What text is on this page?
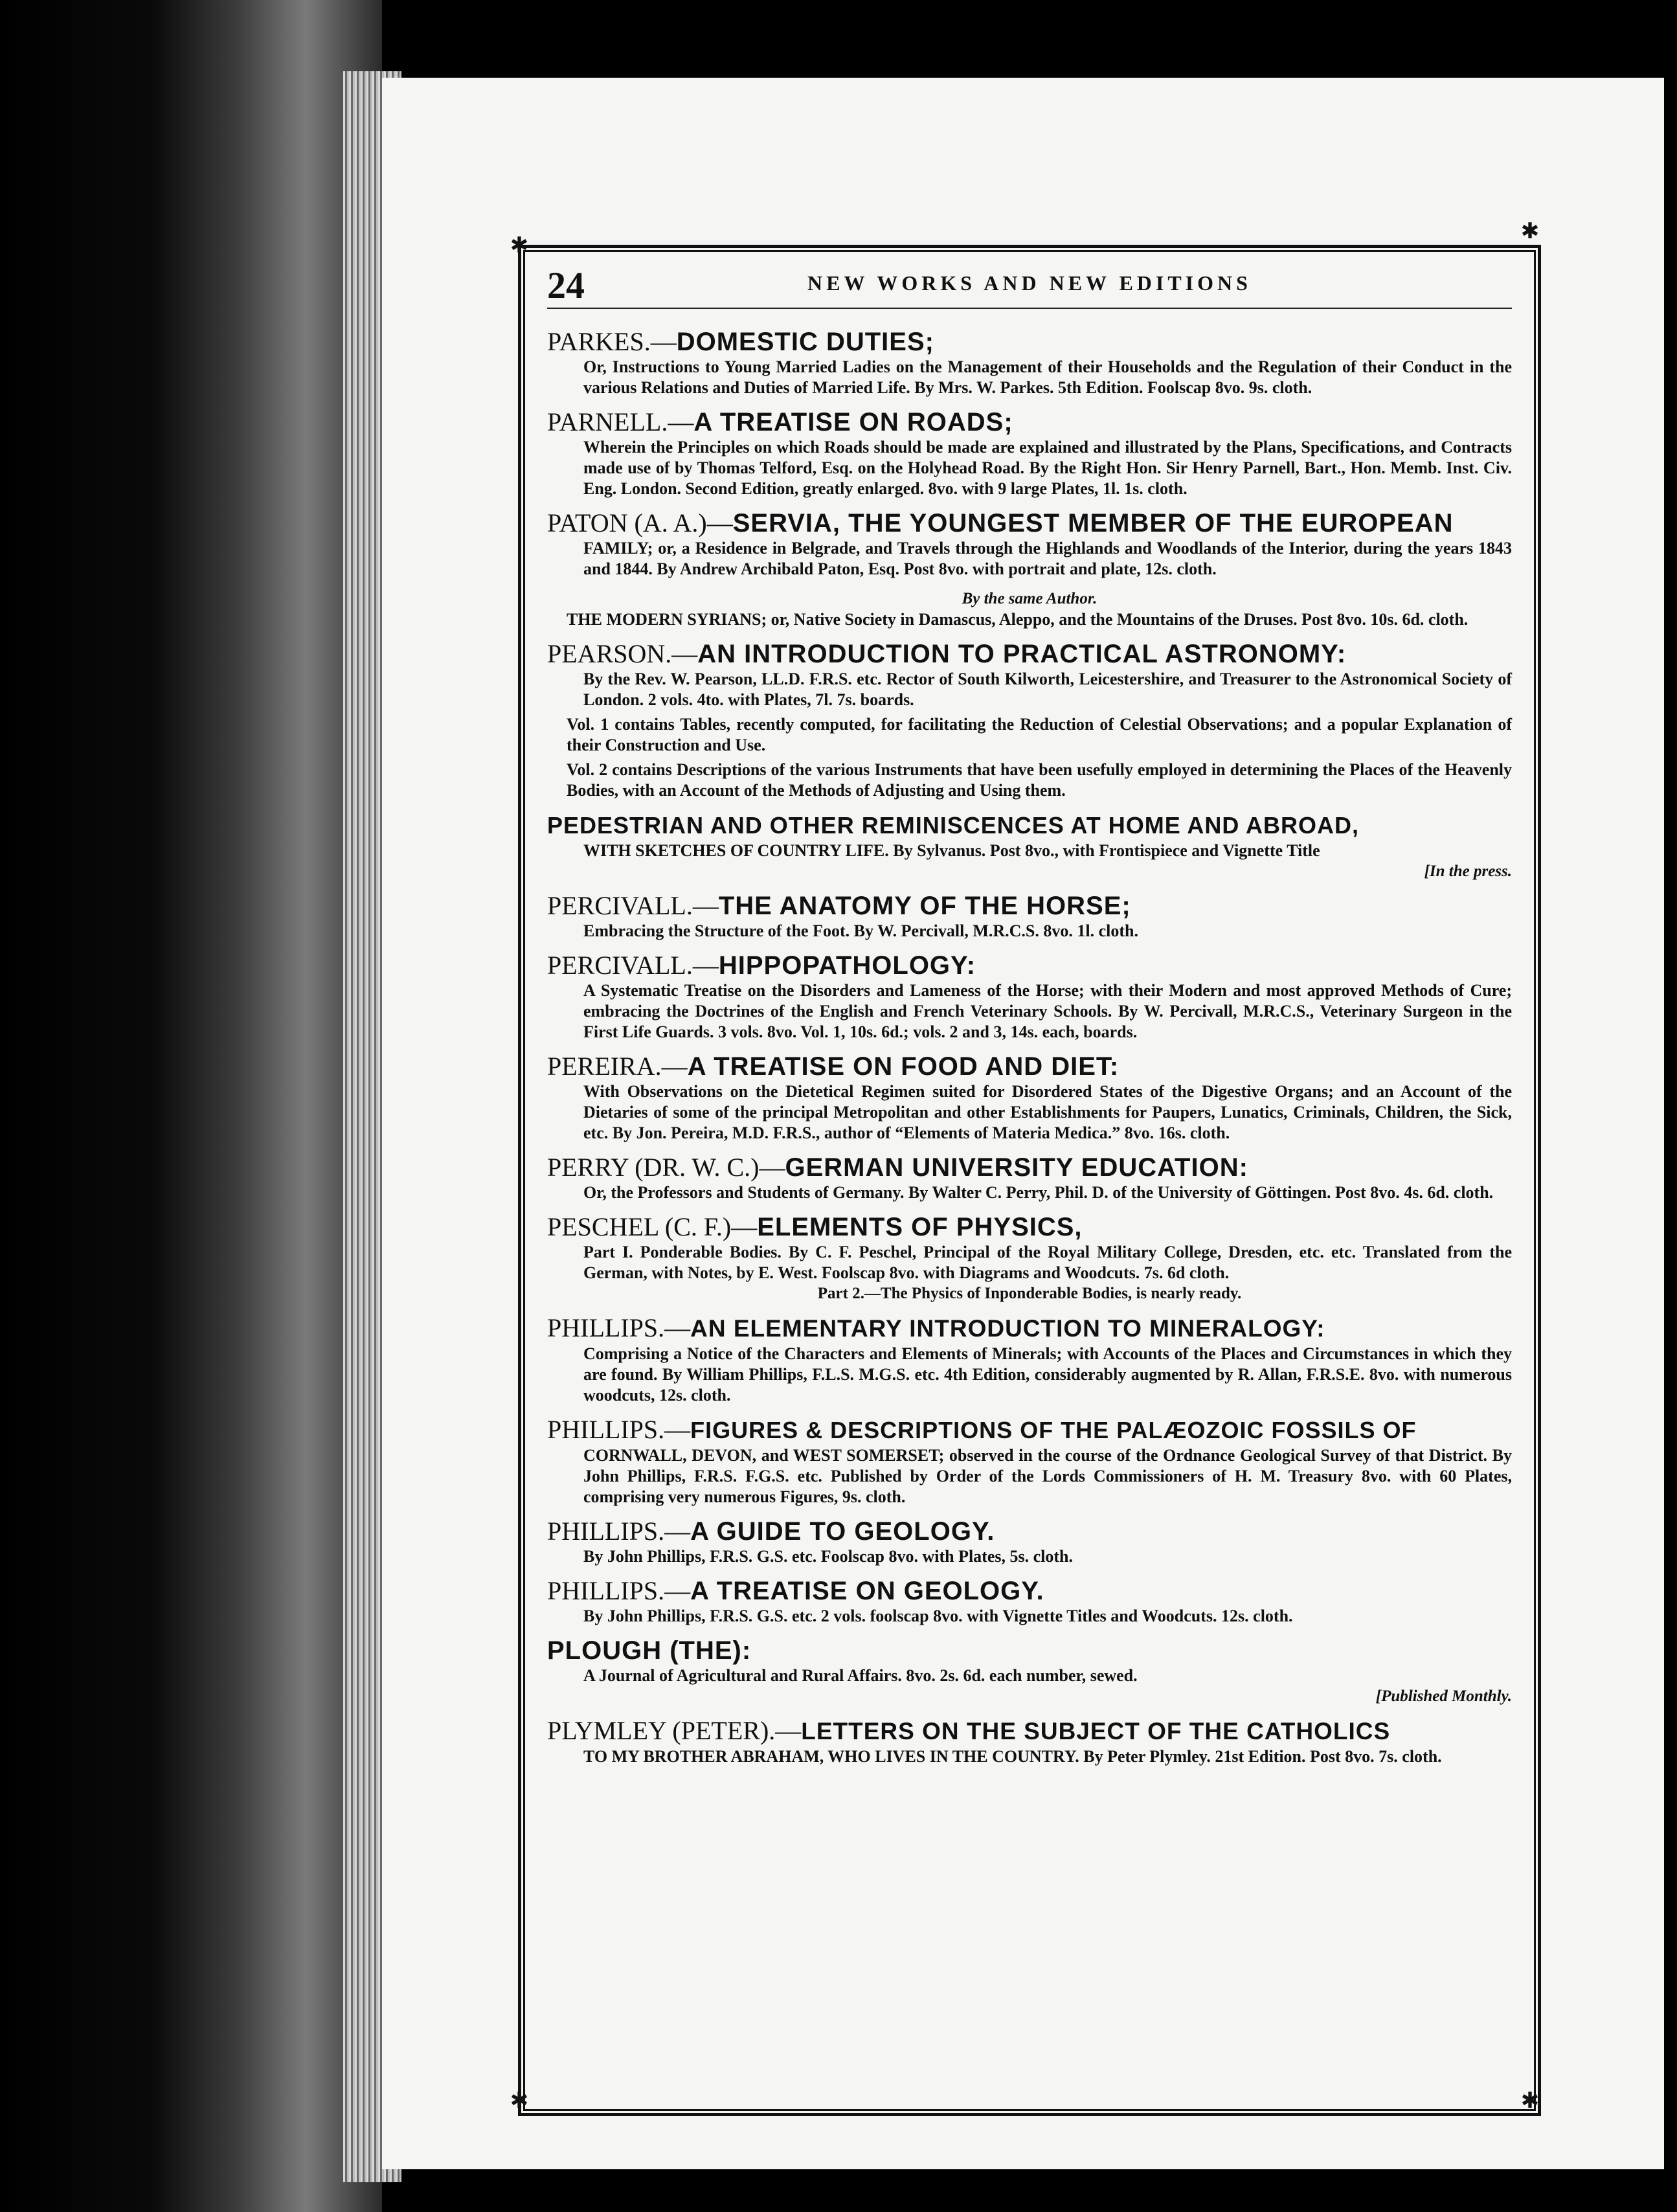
✱
✱
✱	✱
24	NEW WORKS AND NEW EDITIONS
PARKES.—DOMESTIC DUTIES;
Or, Instructions to Young Married Ladies on the Management of their Households and the Regulation of their Conduct in the various Relations and Duties of Married Life. By Mrs. W. Parkes. 5th Edition. Foolscap 8vo. 9s. cloth.
PARNELL.—A TREATISE ON ROADS;
Wherein the Principles on which Roads should be made are explained and illustrated by the Plans, Specifications, and Contracts made use of by Thomas Telford, Esq. on the Holyhead Road. By the Right Hon. Sir Henry Parnell, Bart., Hon. Memb. Inst. Civ. Eng. London. Second Edition, greatly enlarged. 8vo. with 9 large Plates, 1l. 1s. cloth.
PATON (A. A.)—SERVIA, THE YOUNGEST MEMBER OF THE EUROPEAN
FAMILY; or, a Residence in Belgrade, and Travels through the Highlands and Woodlands of the Interior, during the years 1843 and 1844. By Andrew Archibald Paton, Esq. Post 8vo. with portrait and plate, 12s. cloth.
By the same Author.
THE MODERN SYRIANS; or, Native Society in Damascus, Aleppo, and the Mountains of the Druses. Post 8vo. 10s. 6d. cloth.
PEARSON.—AN INTRODUCTION TO PRACTICAL ASTRONOMY:
By the Rev. W. Pearson, LL.D. F.R.S. etc. Rector of South Kilworth, Leicestershire, and Treasurer to the Astronomical Society of London. 2 vols. 4to. with Plates, 7l. 7s. boards.
Vol. 1 contains Tables, recently computed, for facilitating the Reduction of Celestial Observations; and a popular Explanation of their Construction and Use.
Vol. 2 contains Descriptions of the various Instruments that have been usefully employed in determining the Places of the Heavenly Bodies, with an Account of the Methods of Adjusting and Using them.
PEDESTRIAN AND OTHER REMINISCENCES AT HOME AND ABROAD,
WITH SKETCHES OF COUNTRY LIFE. By Sylvanus. Post 8vo., with Frontispiece and Vignette Title
[In the press.
PERCIVALL.—THE ANATOMY OF THE HORSE;
Embracing the Structure of the Foot. By W. Percivall, M.R.C.S. 8vo. 1l. cloth.
PERCIVALL.—HIPPOPATHOLOGY:
A Systematic Treatise on the Disorders and Lameness of the Horse; with their Modern and most approved Methods of Cure; embracing the Doctrines of the English and French Veterinary Schools. By W. Percivall, M.R.C.S., Veterinary Surgeon in the First Life Guards. 3 vols. 8vo. Vol. 1, 10s. 6d.; vols. 2 and 3, 14s. each, boards.
PEREIRA.—A TREATISE ON FOOD AND DIET:
With Observations on the Dietetical Regimen suited for Disordered States of the Digestive Organs; and an Account of the Dietaries of some of the principal Metropolitan and other Establishments for Paupers, Lunatics, Criminals, Children, the Sick, etc. By Jon. Pereira, M.D. F.R.S., author of “Elements of Materia Medica.” 8vo. 16s. cloth.
PERRY (DR. W. C.)—GERMAN UNIVERSITY EDUCATION:
Or, the Professors and Students of Germany. By Walter C. Perry, Phil. D. of the University of Göttingen. Post 8vo. 4s. 6d. cloth.
PESCHEL (C. F.)—ELEMENTS OF PHYSICS,
Part I. Ponderable Bodies. By C. F. Peschel, Principal of the Royal Military College, Dresden, etc. etc. Translated from the German, with Notes, by E. West. Foolscap 8vo. with Diagrams and Woodcuts. 7s. 6d cloth.
Part 2.—The Physics of Inponderable Bodies, is nearly ready.
PHILLIPS.—AN ELEMENTARY INTRODUCTION TO MINERALOGY:
Comprising a Notice of the Characters and Elements of Minerals; with Accounts of the Places and Circumstances in which they are found. By William Phillips, F.L.S. M.G.S. etc. 4th Edition, considerably augmented by R. Allan, F.R.S.E. 8vo. with numerous woodcuts, 12s. cloth.
PHILLIPS.—FIGURES & DESCRIPTIONS OF THE PALÆOZOIC FOSSILS OF
CORNWALL, DEVON, and WEST SOMERSET; observed in the course of the Ordnance Geological Survey of that District. By John Phillips, F.R.S. F.G.S. etc. Published by Order of the Lords Commissioners of H. M. Treasury 8vo. with 60 Plates, comprising very numerous Figures, 9s. cloth.
PHILLIPS.—A GUIDE TO GEOLOGY.
By John Phillips, F.R.S. G.S. etc. Foolscap 8vo. with Plates, 5s. cloth.
PHILLIPS.—A TREATISE ON GEOLOGY.
By John Phillips, F.R.S. G.S. etc. 2 vols. foolscap 8vo. with Vignette Titles and Woodcuts. 12s. cloth.
PLOUGH (THE):
A Journal of Agricultural and Rural Affairs. 8vo. 2s. 6d. each number, sewed.
[Published Monthly.
PLYMLEY (PETER).—LETTERS ON THE SUBJECT OF THE CATHOLICS
TO MY BROTHER ABRAHAM, WHO LIVES IN THE COUNTRY. By Peter Plymley. 21st Edition. Post 8vo. 7s. cloth.
